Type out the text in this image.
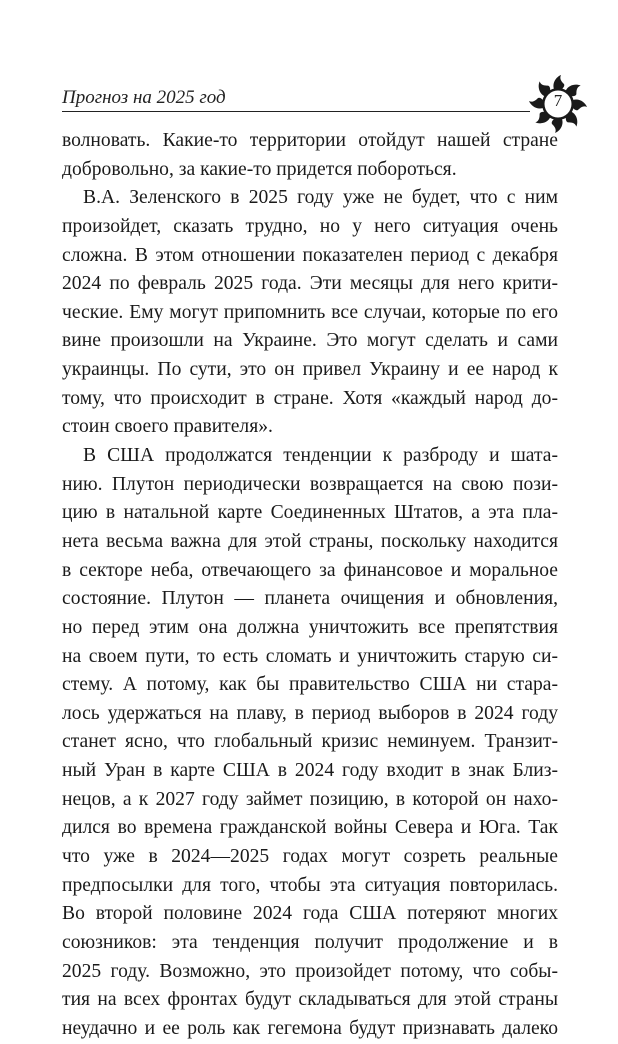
Прогноз на 2025 год	7
волновать. Какие-то территории отойдут нашей стране
добровольно, за какие-то придется побороться.
В.А. Зеленского в 2025 году уже не будет, что с ним
произойдет, сказать трудно, но у него ситуация очень
сложна. В этом отношении показателен период с декабря
2024 по февраль 2025 года. Эти месяцы для него крити-
ческие. Ему могут припомнить все случаи, которые по его
вине произошли на Украине. Это могут сделать и сами
украинцы. По сути, это он привел Украину и ее народ к
тому, что происходит в стране. Хотя «каждый народ до-
стоин своего правителя».
В США продолжатся тенденции к разброду и шата-
нию. Плутон периодически возвращается на свою пози-
цию в натальной карте Соединенных Штатов, а эта пла-
нета весьма важна для этой страны, поскольку находится
в секторе неба, отвечающего за финансовое и моральное
состояние. Плутон — планета очищения и обновления,
но перед этим она должна уничтожить все препятствия
на своем пути, то есть сломать и уничтожить старую си-
стему. А потому, как бы правительство США ни стара-
лось удержаться на плаву, в период выборов в 2024 году
станет ясно, что глобальный кризис неминуем. Транзит-
ный Уран в карте США в 2024 году входит в знак Близ-
нецов, а к 2027 году займет позицию, в которой он нахо-
дился во времена гражданской войны Севера и Юга. Так
что уже в 2024—2025 годах могут созреть реальные
предпосылки для того, чтобы эта ситуация повторилась.
Во второй половине 2024 года США потеряют многих
союзников: эта тенденция получит продолжение и в
2025 году. Возможно, это произойдет потому, что собы-
тия на всех фронтах будут складываться для этой страны
неудачно и ее роль как гегемона будут признавать далеко
